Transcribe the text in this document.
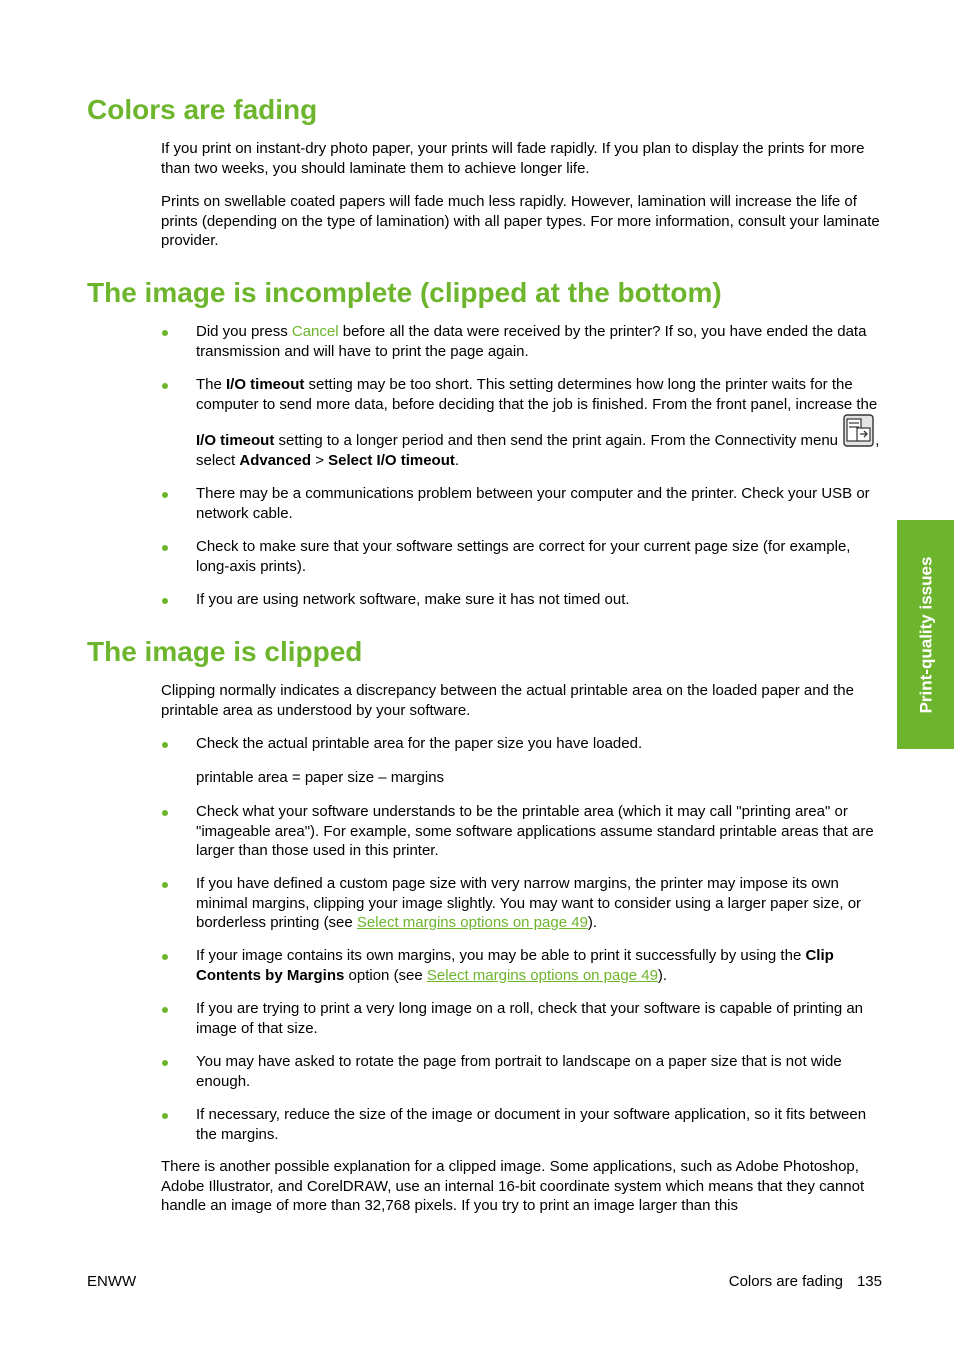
Colors are fading

If you print on instant-dry photo paper, your prints will fade rapidly. If you plan to display the prints for more than two weeks, you should laminate them to achieve longer life.

Prints on swellable coated papers will fade much less rapidly. However, lamination will increase the life of prints (depending on the type of lamination) with all paper types. For more information, consult your laminate provider.

The image is incomplete (clipped at the bottom)
Did you press Cancel before all the data were received by the printer? If so, you have ended the data transmission and will have to print the page again.
The I/O timeout setting may be too short. This setting determines how long the printer waits for the computer to send more data, before deciding that the job is finished. From the front panel, increase the I/O timeout setting to a longer period and then send the print again. From the Connectivity menu , select Advanced > Select I/O timeout.
There may be a communications problem between your computer and the printer. Check your USB or network cable.
Check to make sure that your software settings are correct for your current page size (for example, long-axis prints).
If you are using network software, make sure it has not timed out.
The image is clipped

Clipping normally indicates a discrepancy between the actual printable area on the loaded paper and the printable area as understood by your software.

Check the actual printable area for the paper size you have loaded.

printable area = paper size – margins

Check what your software understands to be the printable area (which it may call "printing area" or "imageable area"). For example, some software applications assume standard printable areas that are larger than those used in this printer.
If you have defined a custom page size with very narrow margins, the printer may impose its own minimal margins, clipping your image slightly. You may want to consider using a larger paper size, or borderless printing (see Select margins options on page 49).
If your image contains its own margins, you may be able to print it successfully by using the Clip Contents by Margins option (see Select margins options on page 49).
If you are trying to print a very long image on a roll, check that your software is capable of printing an image of that size.
You may have asked to rotate the page from portrait to landscape on a paper size that is not wide enough.
If necessary, reduce the size of the image or document in your software application, so it fits between the margins.

There is another possible explanation for a clipped image. Some applications, such as Adobe Photoshop, Adobe Illustrator, and CorelDRAW, use an internal 16-bit coordinate system which means that they cannot handle an image of more than 32,768 pixels. If you try to print an image larger than this

Print-quality issues

ENWW	Colors are fading 135
